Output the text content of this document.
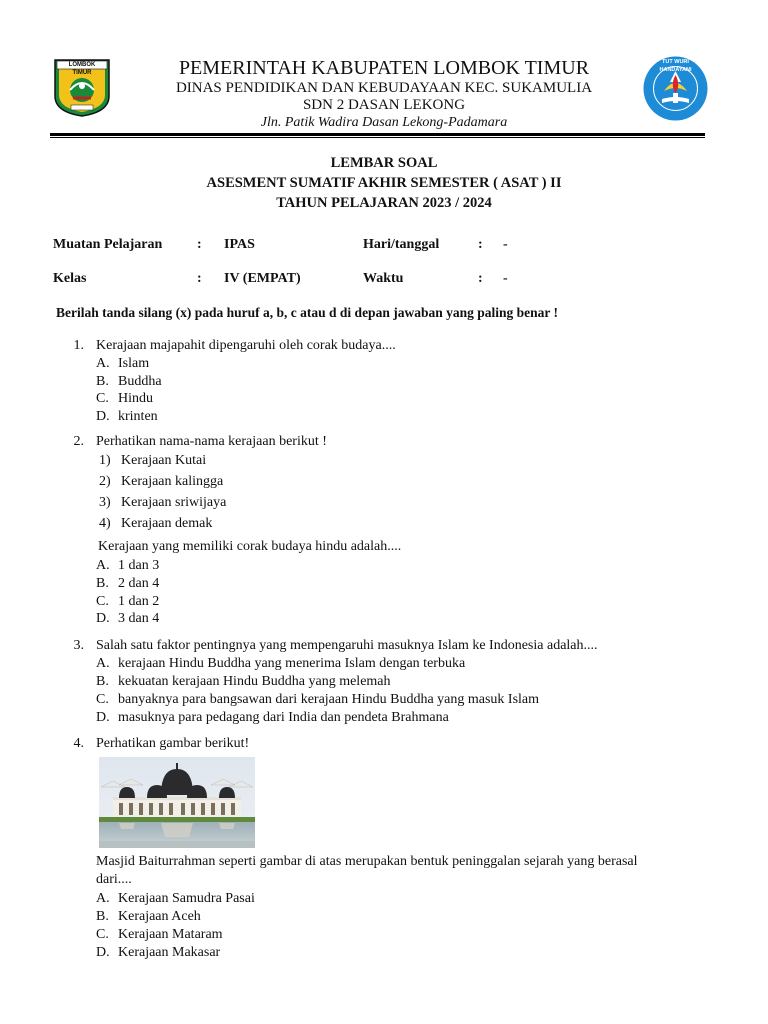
LOMBOK TIMUR
TUT WURI HANDAYANI
PEMERINTAH KABUPATEN LOMBOK TIMUR
DINAS PENDIDIKAN DAN KEBUDAYAAN KEC. SUKAMULIA
SDN 2 DASAN LEKONG
Jln. Patik Wadira Dasan Lekong-Padamara
LEMBAR SOAL
ASESMENT SUMATIF AKHIR SEMESTER ( ASAT ) II
TAHUN PELAJARAN 2023 / 2024
Muatan Pelajaran : IPAS	Hari/tanggal	: -
Kelas	: IV (EMPAT)	Waktu	: -
Berilah tanda silang (x) pada huruf a, b, c atau d di depan jawaban yang paling benar !
1. Kerajaan majapahit dipengaruhi oleh corak budaya....
A. Islam
B. Buddha
C. Hindu
D. krinten
2. Perhatikan nama-nama kerajaan berikut !
1) Kerajaan Kutai
2) Kerajaan kalingga
3) Kerajaan sriwijaya
4) Kerajaan demak
Kerajaan yang memiliki corak budaya hindu adalah....
A. 1 dan 3
B. 2 dan 4
C. 1 dan 2
D. 3 dan 4
3. Salah satu faktor pentingnya yang mempengaruhi masuknya Islam ke Indonesia adalah....
A. kerajaan Hindu Buddha yang menerima Islam dengan terbuka
B. kekuatan kerajaan Hindu Buddha yang melemah
C. banyaknya para bangsawan dari kerajaan Hindu Buddha yang masuk Islam
D. masuknya para pedagang dari India dan pendeta Brahmana
4. Perhatikan gambar berikut!
Masjid Baiturrahman seperti gambar di atas merupakan bentuk peninggalan sejarah yang berasal
dari....
A. Kerajaan Samudra Pasai
B. Kerajaan Aceh
C. Kerajaan Mataram
D. Kerajaan Makasar
